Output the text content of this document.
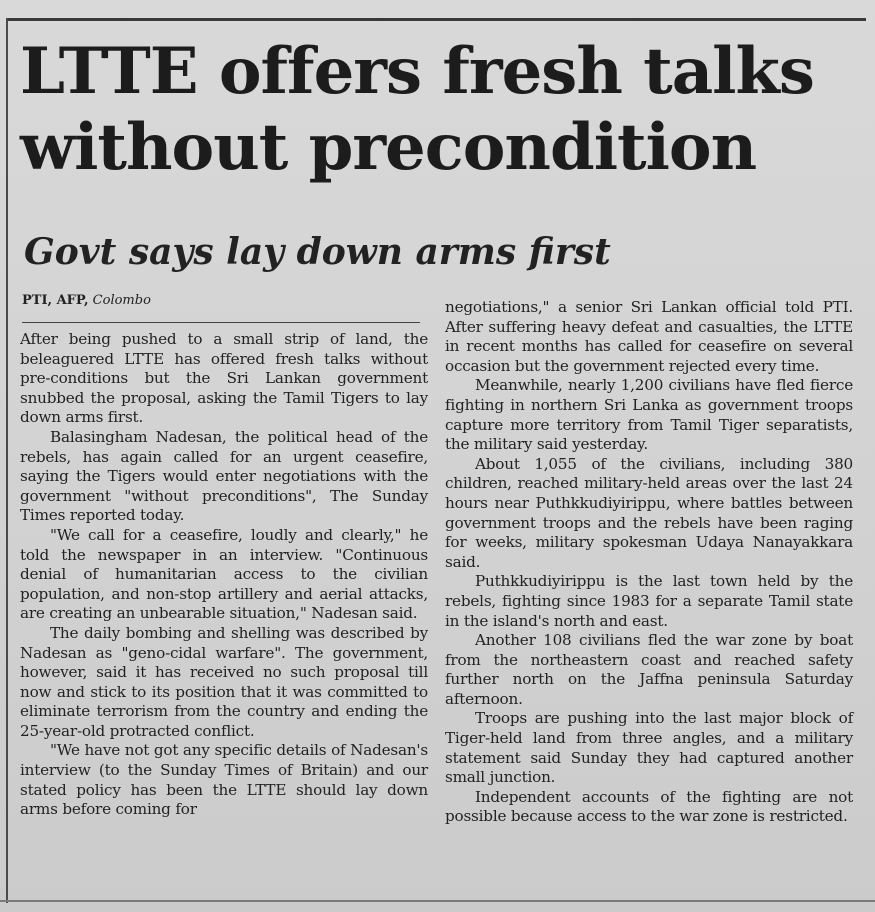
LTTE offers fresh talks without precondition
Govt says lay down arms first
PTI, AFP, Colombo

After being pushed to a small strip of land, the beleaguered LTTE has offered fresh talks without pre-conditions but the Sri Lankan government snubbed the proposal, asking the Tamil Tigers to lay down arms first.

Balasingham Nadesan, the political head of the rebels, has again called for an urgent ceasefire, saying the Tigers would enter negotiations with the government "without preconditions", The Sunday Times reported today.

"We call for a ceasefire, loudly and clearly," he told the newspaper in an interview. "Continuous denial of humanitarian access to the civilian population, and non-stop artillery and aerial attacks, are creating an unbearable situation," Nadesan said.

The daily bombing and shelling was described by Nadesan as "geno-cidal warfare". The government, however, said it has received no such proposal till now and stick to its position that it was committed to eliminate terrorism from the country and ending the 25-year-old protracted conflict.

"We have not got any specific details of Nadesan's interview (to the Sunday Times of Britain) and our stated policy has been the LTTE should lay down arms before coming for

negotiations," a senior Sri Lankan official told PTI. After suffering heavy defeat and casualties, the LTTE in recent months has called for ceasefire on several occasion but the government rejected every time.

Meanwhile, nearly 1,200 civilians have fled fierce fighting in northern Sri Lanka as government troops capture more territory from Tamil Tiger separatists, the military said yesterday.

About 1,055 of the civilians, including 380 children, reached military-held areas over the last 24 hours near Puthkkudiyirippu, where battles between government troops and the rebels have been raging for weeks, military spokesman Udaya Nanayakkara said.

Puthkkudiyirippu is the last town held by the rebels, fighting since 1983 for a separate Tamil state in the island's north and east.

Another 108 civilians fled the war zone by boat from the northeastern coast and reached safety further north on the Jaffna peninsula Saturday afternoon.

Troops are pushing into the last major block of Tiger-held land from three angles, and a military statement said Sunday they had captured another small junction.

Independent accounts of the fighting are not possible because access to the war zone is restricted.
